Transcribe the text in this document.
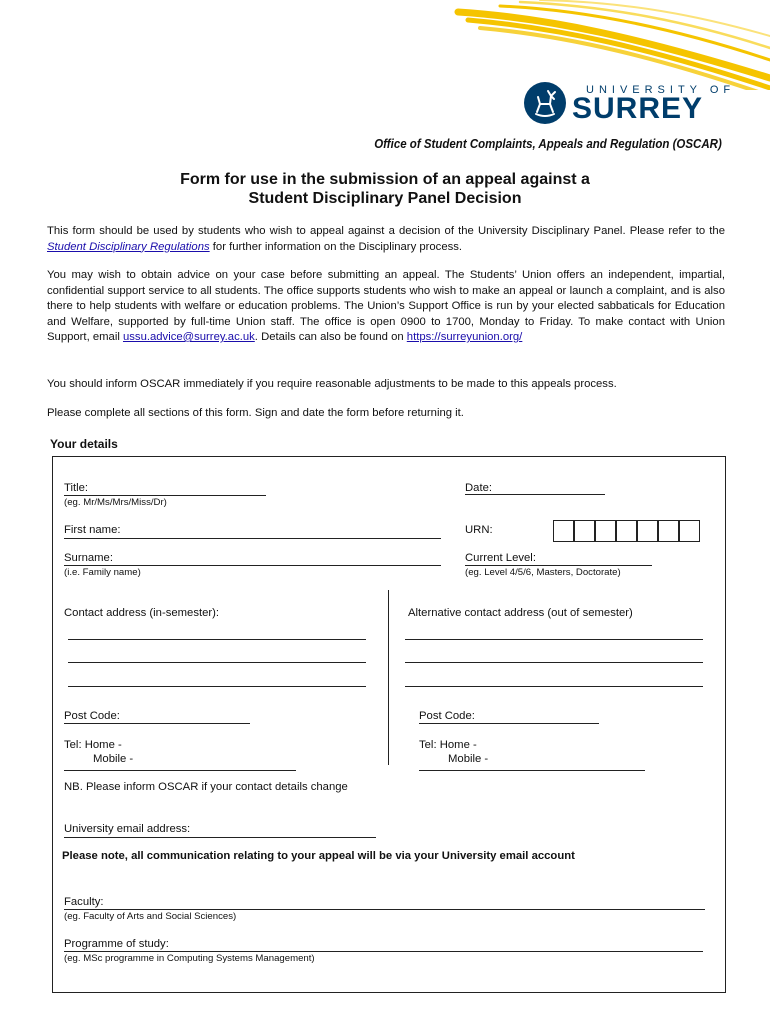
UNIVERSITY OF
SURREY
Office of Student Complaints, Appeals and Regulation (OSCAR)
Form for use in the submission of an appeal against a
Student Disciplinary Panel Decision
This form should be used by students who wish to appeal against a decision of the University Disciplinary Panel. Please refer to the Student Disciplinary Regulations for further information on the Disciplinary process.
You may wish to obtain advice on your case before submitting an appeal. The Students’ Union offers an independent, impartial, confidential support service to all students. The office supports students who wish to make an appeal or launch a complaint, and is also there to help students with welfare or education problems. The Union’s Support Office is run by your elected sabbaticals for Education and Welfare, supported by full-time Union staff. The office is open 0900 to 1700, Monday to Friday. To make contact with Union Support, email ussu.advice@surrey.ac.uk. Details can also be found on https://surreyunion.org/
You should inform OSCAR immediately if you require reasonable adjustments to be made to this appeals process.
Please complete all sections of this form. Sign and date the form before returning it.
Your details
Title:
(eg. Mr/Ms/Mrs/Miss/Dr)
Date:
First name:	URN:
Surname:
(i.e. Family name)
Current Level:
(eg. Level 4/5/6, Masters, Doctorate)
Contact address (in-semester):	Alternative contact address (out of semester)
Post Code:	Post Code:
Tel: Home -
Mobile -
Tel: Home -
Mobile -
NB. Please inform OSCAR if your contact details change
University email address:
Please note, all communication relating to your appeal will be via your University email account
Faculty:
(eg. Faculty of Arts and Social Sciences)
Programme of study:
(eg. MSc programme in Computing Systems Management)
